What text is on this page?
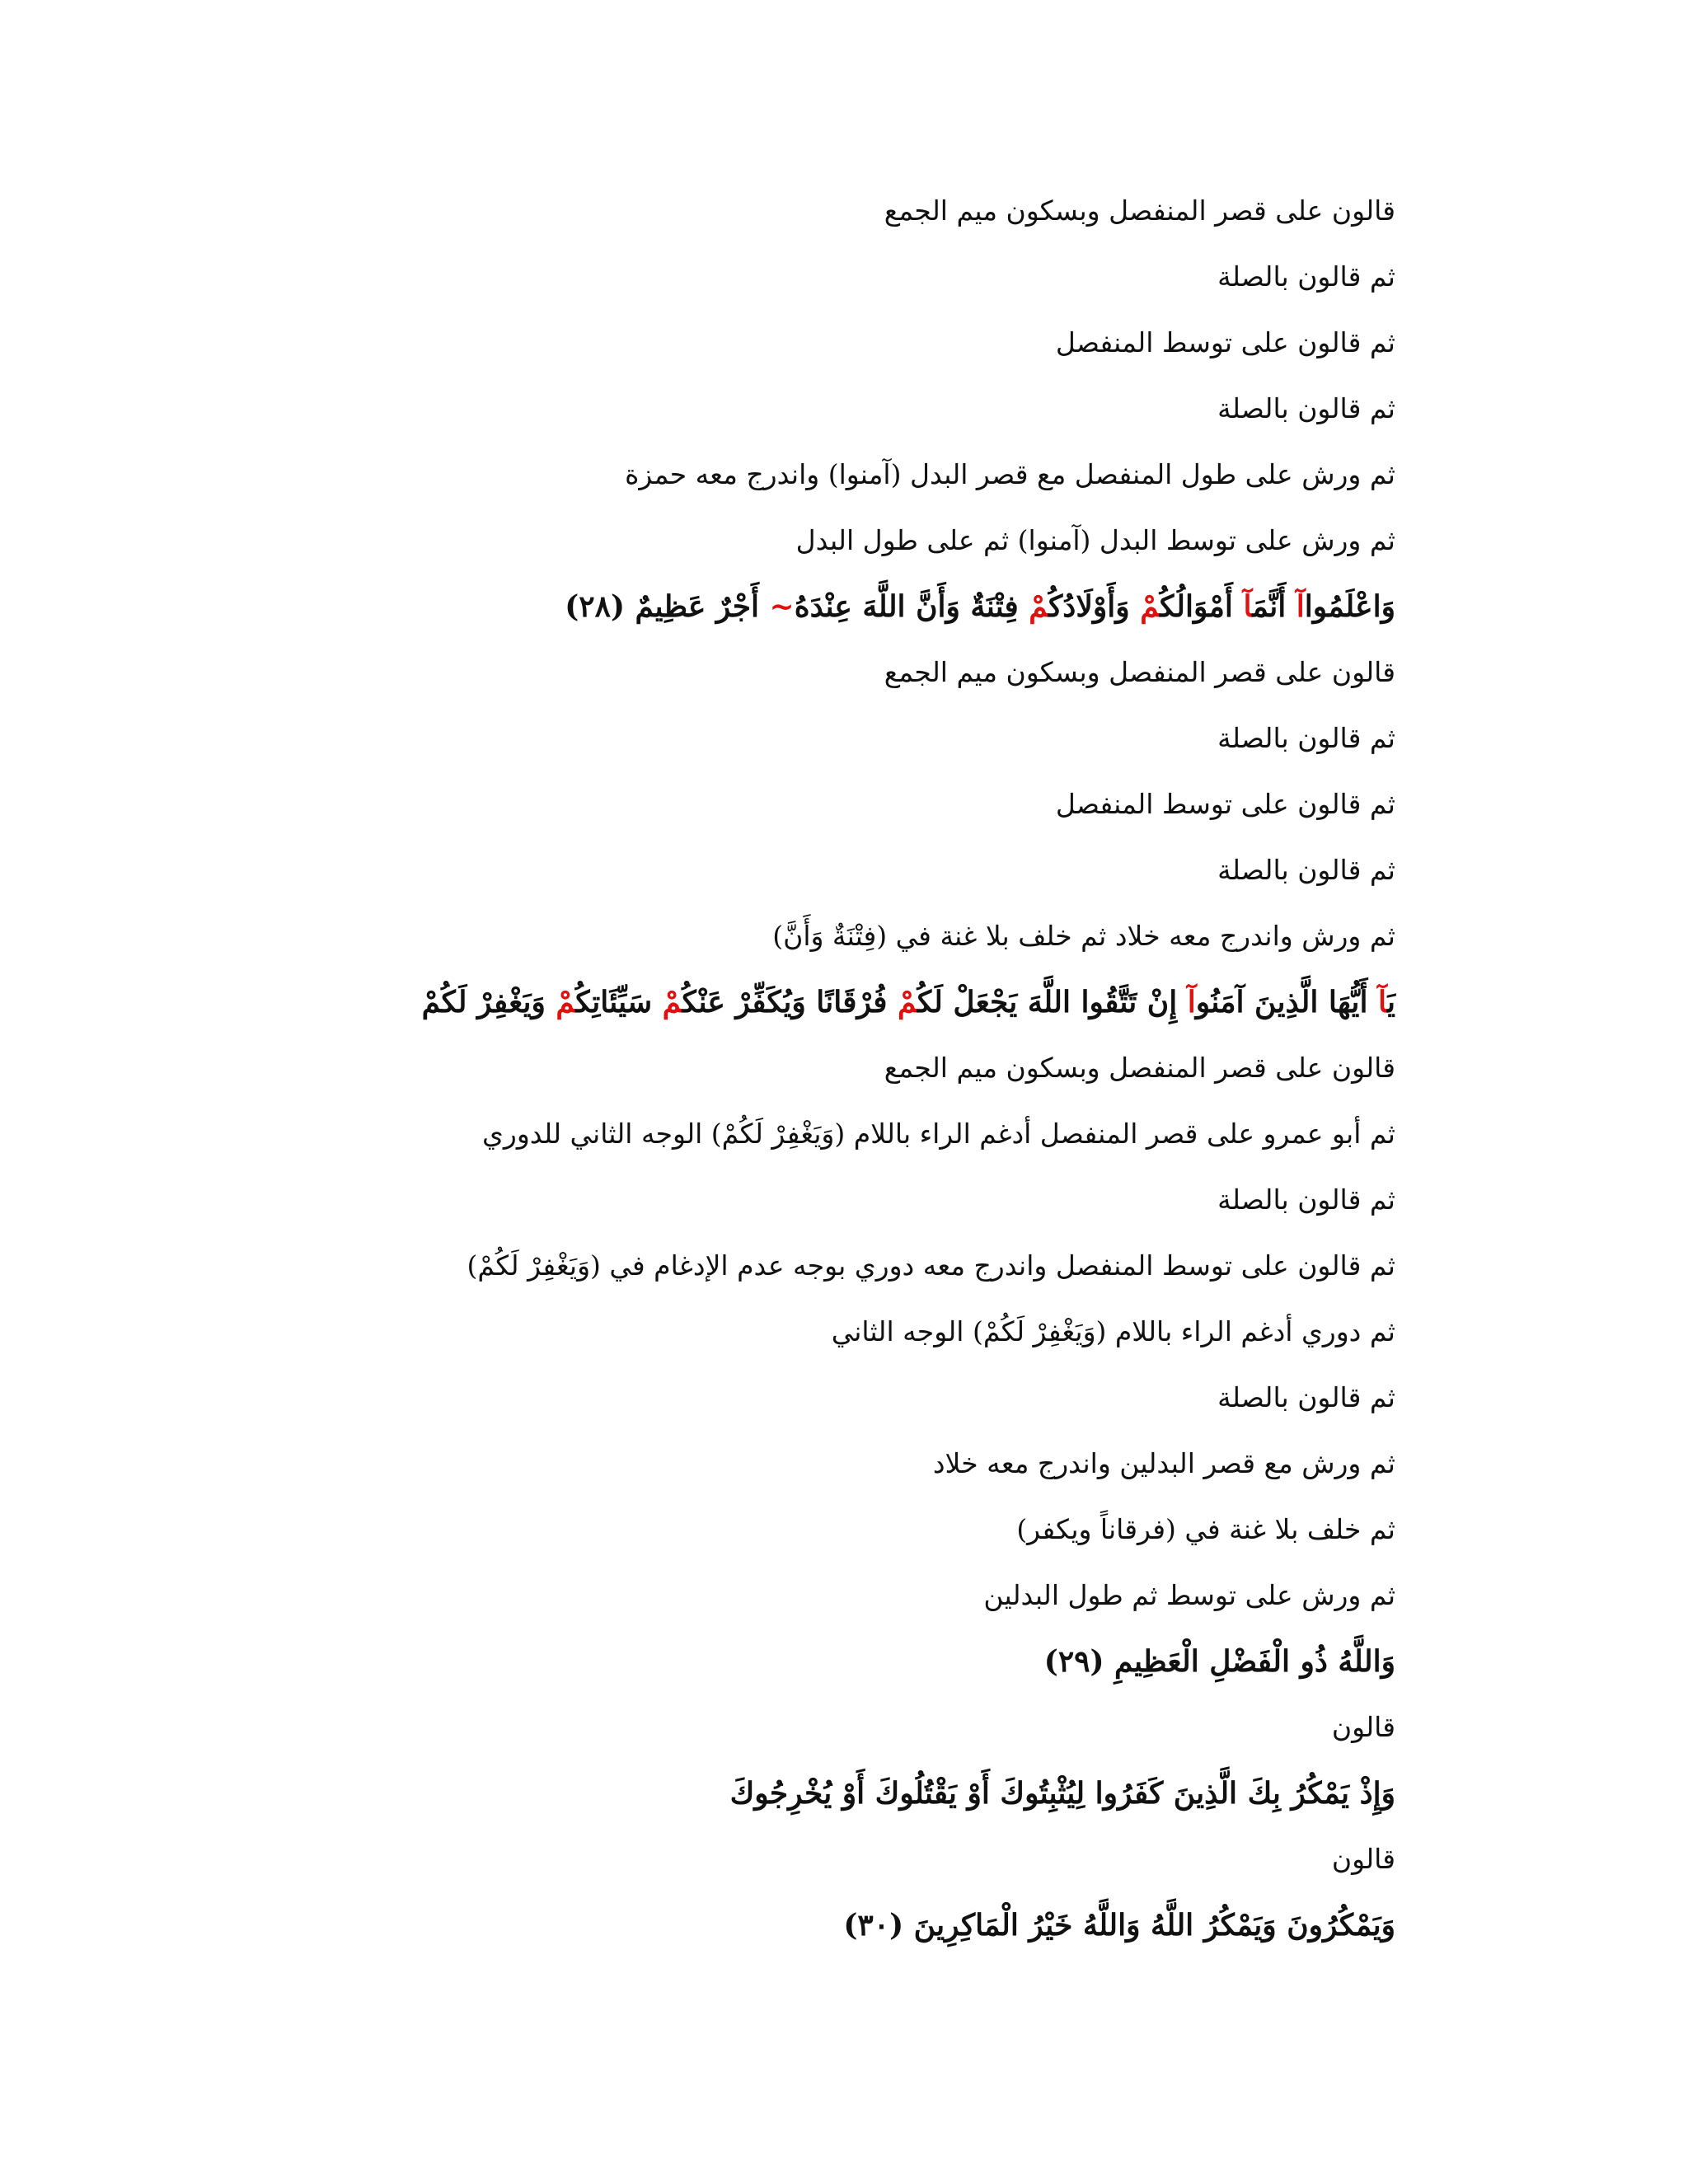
قالون على قصر المنفصل وبسكون ميم الجمع
ثم قالون بالصلة
ثم قالون على توسط المنفصل
ثم قالون بالصلة
ثم ورش على طول المنفصل مع قصر البدل (آمنوا) واندرج معه حمزة
ثم ورش على توسط البدل (آمنوا) ثم على طول البدل
وَاعْلَمُواآ أَنَّمَآ أَمْوَالُكُمْ وَأَوْلَادُكُمْ فِتْنَةٌ وَأَنَّ اللَّهَ عِنْدَهُ~ أَجْرٌ عَظِيمٌ (٢٨)
قالون على قصر المنفصل وبسكون ميم الجمع
ثم قالون بالصلة
ثم قالون على توسط المنفصل
ثم قالون بالصلة
ثم ورش واندرج معه خلاد ثم خلف بلا غنة في (فِتْنَةٌ وَأَنَّ)
يَآ أَيُّهَا الَّذِينَ آمَنُوآ إِنْ تَتَّقُوا اللَّهَ يَجْعَلْ لَكُمْ فُرْقَانًا وَيُكَفِّرْ عَنْكُمْ سَيِّئَاتِكُمْ وَيَغْفِرْ لَكُمْ
قالون على قصر المنفصل وبسكون ميم الجمع
ثم أبو عمرو على قصر المنفصل أدغم الراء باللام (وَيَغْفِرْ لَكُمْ) الوجه الثاني للدوري
ثم قالون بالصلة
ثم قالون على توسط المنفصل واندرج معه دوري بوجه عدم الإدغام في (وَيَغْفِرْ لَكُمْ)
ثم دوري أدغم الراء باللام (وَيَغْفِرْ لَكُمْ) الوجه الثاني
ثم قالون بالصلة
ثم ورش مع قصر البدلين واندرج معه خلاد
ثم خلف بلا غنة في (فرقاناً ويكفر)
ثم ورش على توسط ثم طول البدلين
وَاللَّهُ ذُو الْفَضْلِ الْعَظِيمِ (٢٩)
قالون
وَإِذْ يَمْكُرُ بِكَ الَّذِينَ كَفَرُوا لِيُثْبِتُوكَ أَوْ يَقْتُلُوكَ أَوْ يُخْرِجُوكَ
قالون
وَيَمْكُرُونَ وَيَمْكُرُ اللَّهُ وَاللَّهُ خَيْرُ الْمَاكِرِينَ (٣٠)
